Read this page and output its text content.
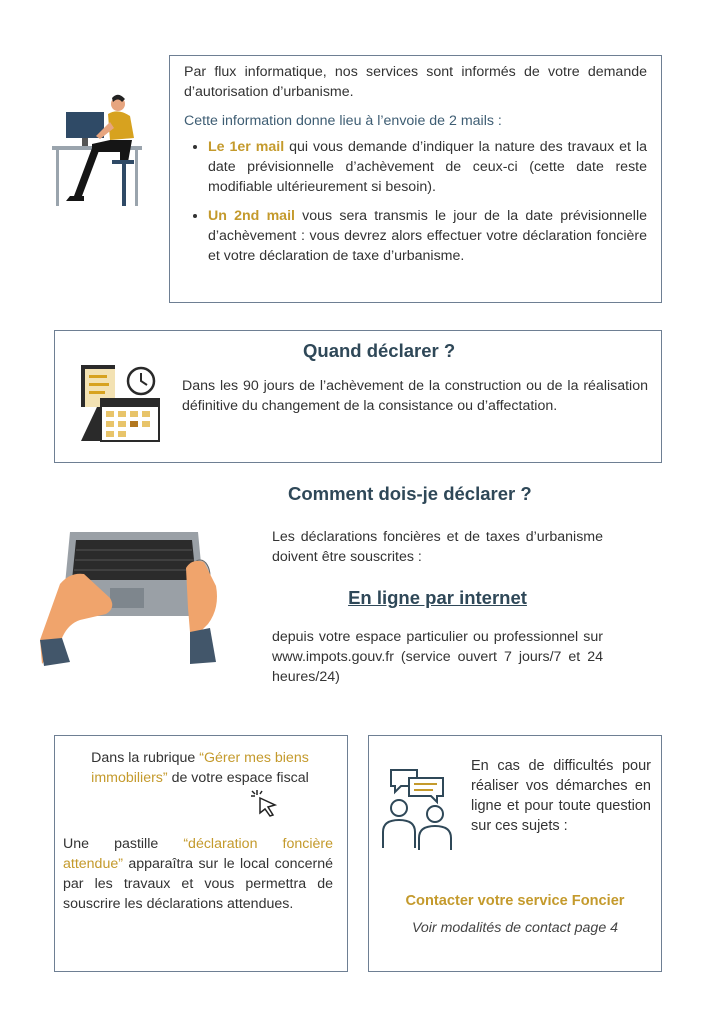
Par flux informatique, nos services sont informés de votre demande d’autorisation d’urbanisme.

Cette information donne lieu à l’envoie de 2 mails :

• Le 1er mail qui vous demande d’indiquer la nature des travaux et la date prévisionnelle d’achèvement de ceux-ci (cette date reste modifiable ultérieurement si besoin).
• Un 2nd mail vous sera transmis le jour de la date prévisionnelle d’achèvement : vous devrez alors effectuer votre déclaration foncière et votre déclaration de taxe d’urbanisme.
Quand déclarer ?

Dans les 90 jours de l’achèvement de la construction ou de la réalisation définitive du changement de la consistance ou d’affectation.

Comment dois-je déclarer ?

Les déclarations foncières et de taxes d’urbanisme doivent être souscrites :

En ligne par internet

depuis votre espace particulier ou professionnel sur www.impots.gouv.fr (service ouvert 7 jours/7 et 24 heures/24)

Dans la rubrique “Gérer mes biens immobiliers” de votre espace fiscal

Une pastille “déclaration foncière attendue” apparaîtra sur le local concerné par les travaux et vous permettra de souscrire les déclarations attendues.

En cas de difficultés pour réaliser vos démarches en ligne et pour toute question sur ces sujets :

Contacter votre service Foncier
Voir modalités de contact page 4
